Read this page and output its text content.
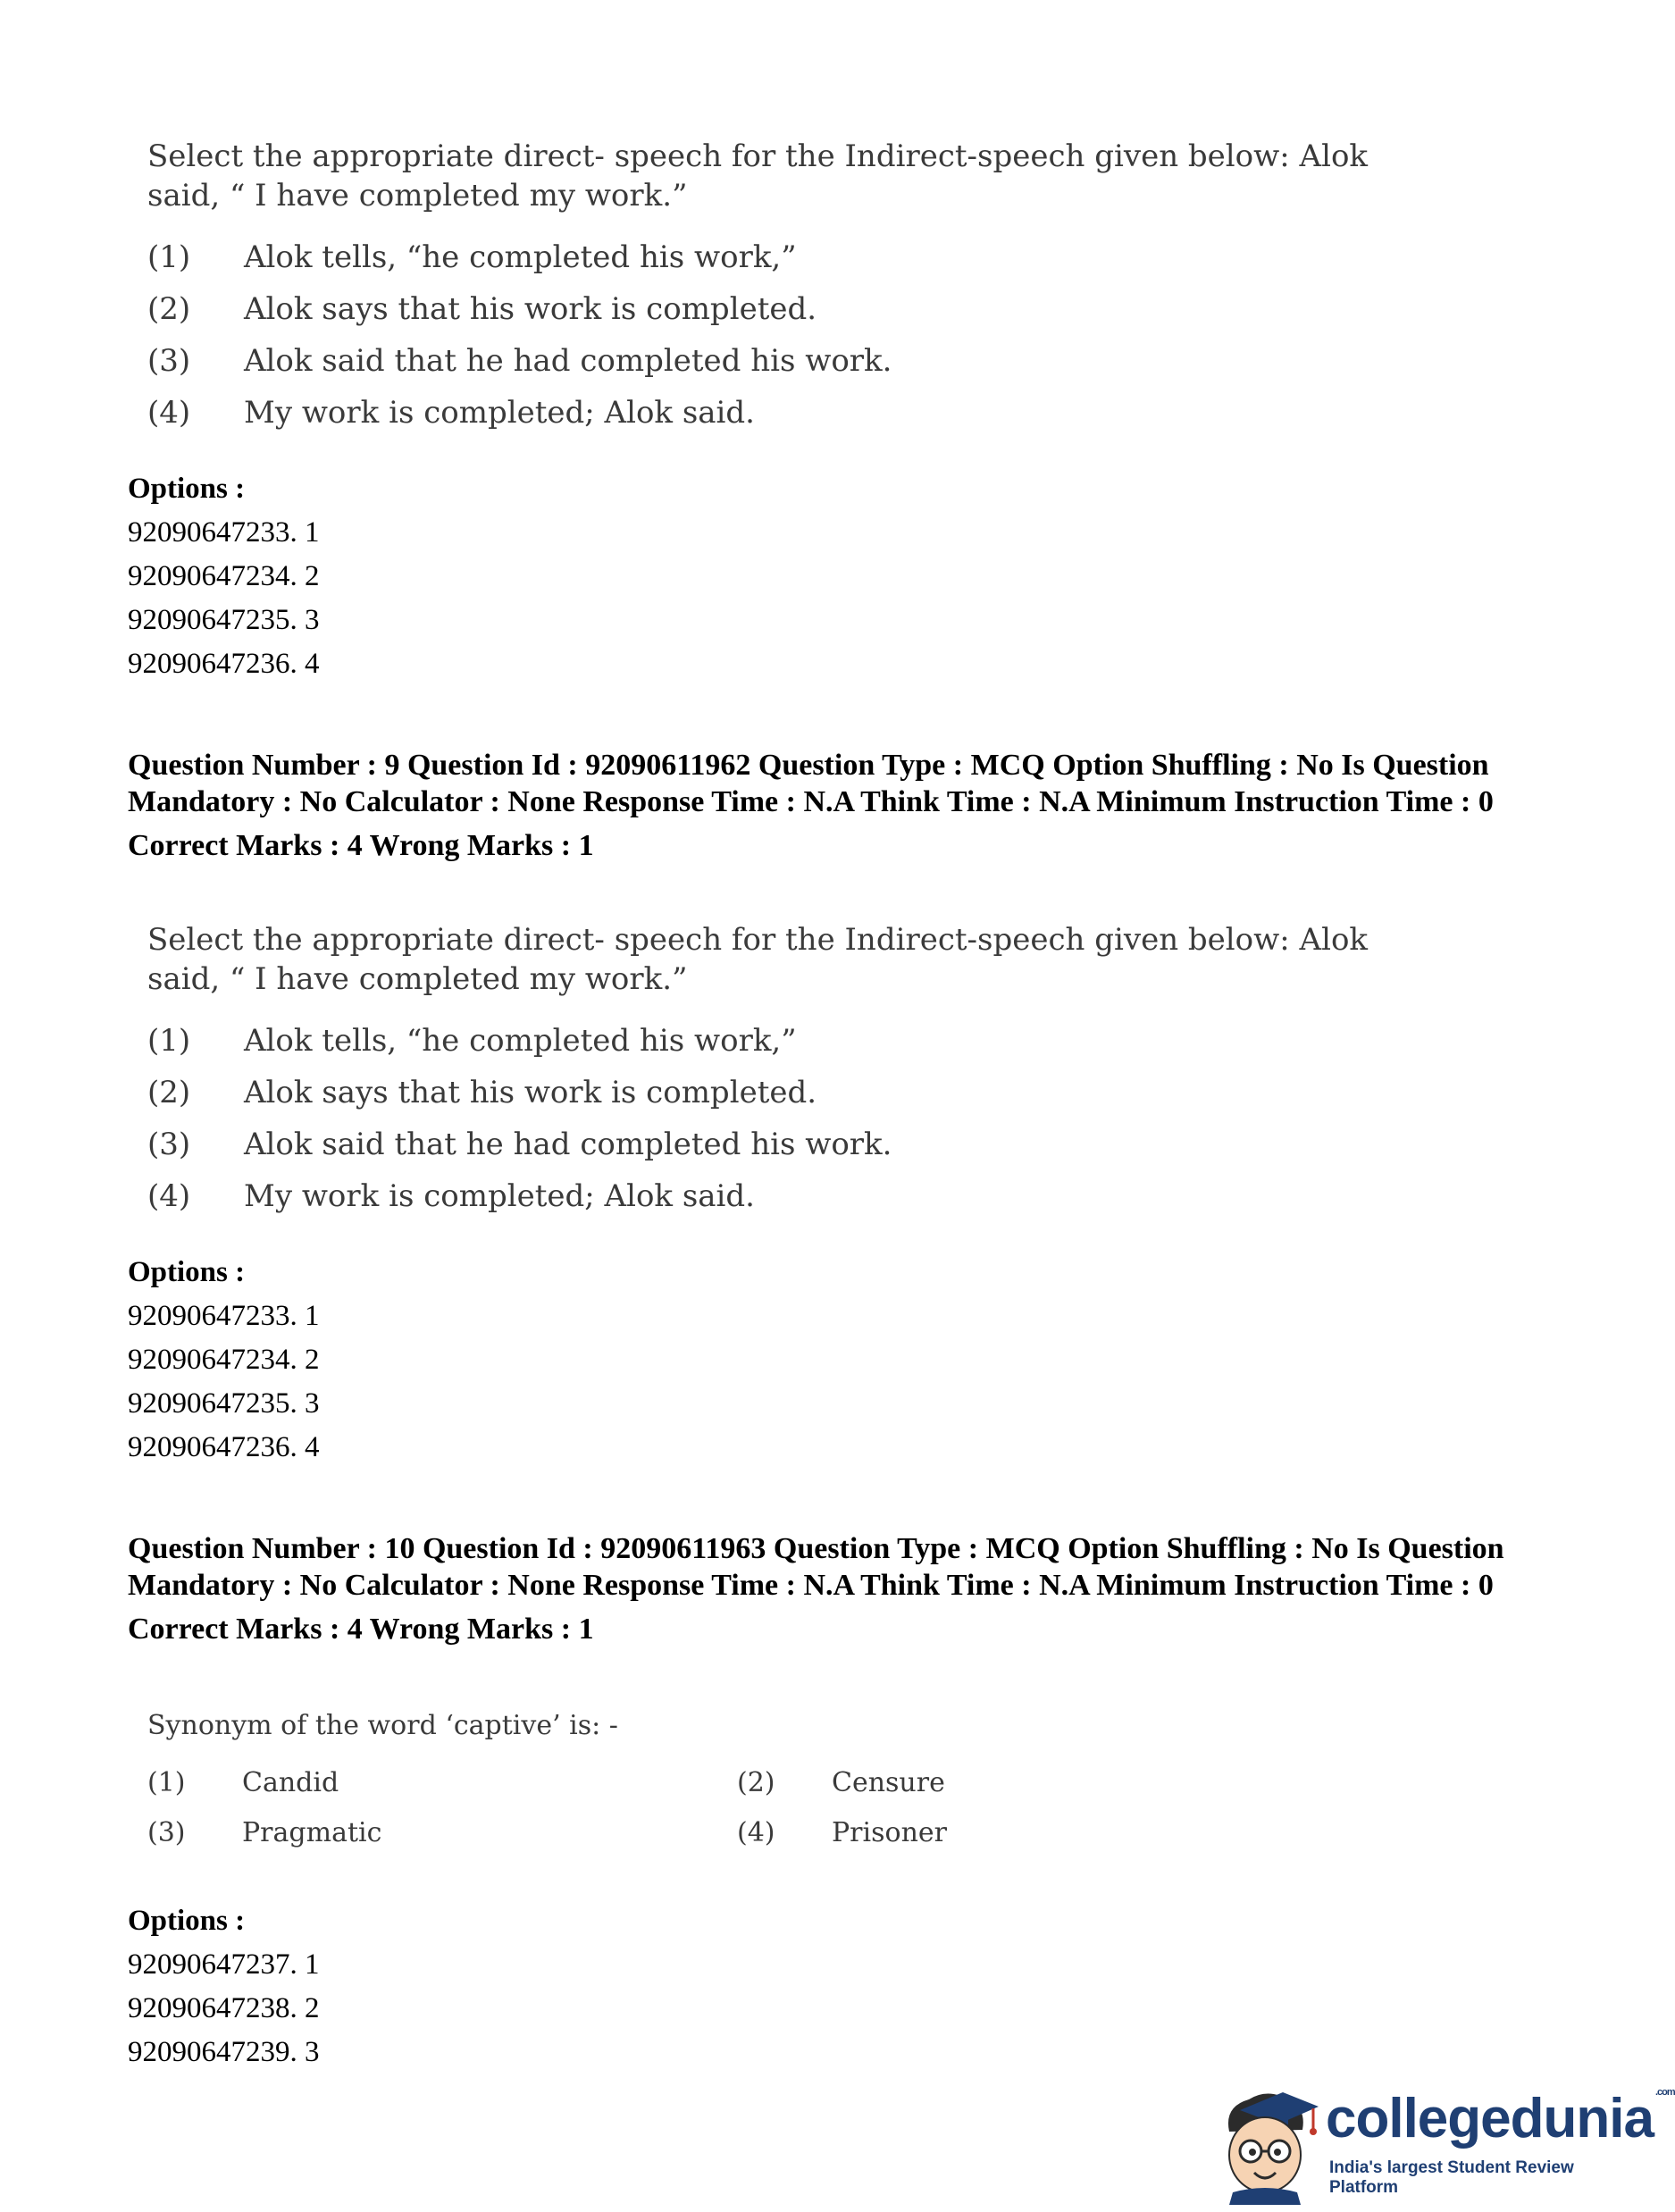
Select the appropriate direct- speech for the Indirect-speech given below: Alok said, “ I have completed my work.”

(1)	Alok tells, “he completed his work,”
(2)	Alok says that his work is completed.
(3)	Alok said that he had completed his work.
(4)	My work is completed; Alok said.
Options :
92090647233. 1
92090647234. 2
92090647235. 3
92090647236. 4

Question Number : 9 Question Id : 92090611962 Question Type : MCQ Option Shuffling : No Is Question Mandatory : No Calculator : None Response Time : N.A Think Time : N.A Minimum Instruction Time : 0

Correct Marks : 4 Wrong Marks : 1

Select the appropriate direct- speech for the Indirect-speech given below: Alok said, “ I have completed my work.”

(1)	Alok tells, “he completed his work,”
(2)	Alok says that his work is completed.
(3)	Alok said that he had completed his work.
(4)	My work is completed; Alok said.
Options :
92090647233. 1
92090647234. 2
92090647235. 3
92090647236. 4

Question Number : 10 Question Id : 92090611963 Question Type : MCQ Option Shuffling : No Is Question Mandatory : No Calculator : None Response Time : N.A Think Time : N.A Minimum Instruction Time : 0

Correct Marks : 4 Wrong Marks : 1

Synonym of the word ‘captive’ is: -

(1)	Candid	(2)	Censure
(3)	Pragmatic	(4)	Prisoner
Options :
92090647237. 1
92090647238. 2
92090647239. 3
collegedunia $^{.com}$
India's largest Student Review Platform
